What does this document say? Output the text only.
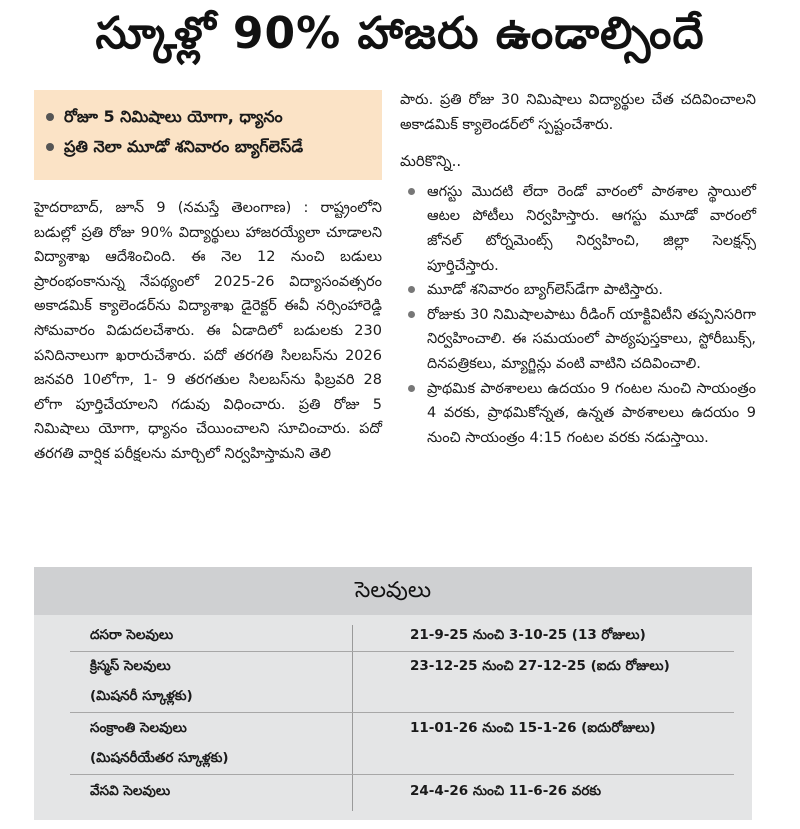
స్కూళ్లో 90% హాజరు ఉండాల్సిందే
రోజూ 5 నిమిషాలు యోగా, ధ్యానం
ప్రతి నెలా మూడో శనివారం బ్యాగ్‌లెస్‌డే
హైదరాబాద్, జూన్ 9 (నమస్తే తెలంగాణ) : రాష్ట్రంలోని బడుల్లో ప్రతి రోజు 90% విద్యార్థులు హాజరయ్యేలా చూడాలని విద్యాశాఖ ఆదేశించింది. ఈ నెల 12 నుంచి బడులు ప్రారంభంకానున్న నేపథ్యంలో 2025-26 విద్యాసంవత్సరం అకాడమిక్ క్యాలెండర్‌ను విద్యాశాఖ డైరెక్టర్ ఈవీ నర్సింహారెడ్డి సోమవారం విడుదలచేశారు. ఈ ఏడాదిలో బడులకు 230 పనిదినాలుగా ఖరారుచేశారు. పదో తరగతి సిలబస్‌ను 2026 జనవరి 10లోగా, 1- 9 తరగతుల సిలబస్‌ను ఫిబ్రవరి 28 లోగా పూర్తిచేయాలని గడువు విధించారు. ప్రతి రోజు 5 నిమిషాలు యోగా, ధ్యానం చేయించాలని సూచించారు. పదో తరగతి వార్షిక పరీక్షలను మార్చిలో నిర్వహిస్తామని తెలి

పారు. ప్రతి రోజు 30 నిమిషాలు విద్యార్థుల చేత చదివించాలని అకాడమిక్ క్యాలెండర్‌లో స్పష్టంచేశారు.

మరికొన్ని..

ఆగస్టు మొదటి లేదా రెండో వారంలో పాఠశాల స్థాయిలో ఆటల పోటీలు నిర్వహిస్తారు. ఆగస్టు మూడో వారంలో జోనల్ టోర్నమెంట్స్ నిర్వహించి, జిల్లా సెలక్షన్స్ పూర్తిచేస్తారు.
మూడో శనివారం బ్యాగ్‌లెస్‌డేగా పాటిస్తారు.
రోజుకు 30 నిమిషాలపాటు రీడింగ్ యాక్టివిటీని తప్పనిసరిగా నిర్వహించాలి. ఈ సమయంలో పాఠ్యపుస్తకాలు, స్టోరీబుక్స్, దినపత్రికలు, మ్యాగ్జిన్లు వంటి వాటిని చదివించాలి.
ప్రాథమిక పాఠశాలలు ఉదయం 9 గంటల నుంచి సాయంత్రం 4 వరకు, ప్రాథమికోన్నత, ఉన్నత పాఠశాలలు ఉదయం 9 నుంచి సాయంత్రం 4:15 గంటల వరకు నడుస్తాయి.
సెలవులు
దసరా సెలవులు	21-9-25 నుంచి 3-10-25 (13 రోజులు)
క్రిస్మస్ సెలవులు	23-12-25 నుంచి 27-12-25 (ఐదు రోజులు)
(మిషనరీ స్కూళ్లకు)
సంక్రాంతి సెలవులు	11-01-26 నుంచి 15-1-26 (ఐదురోజులు)
(మిషనరీయేతర స్కూళ్లకు)
వేసవి సెలవులు	24-4-26 నుంచి 11-6-26 వరకు
